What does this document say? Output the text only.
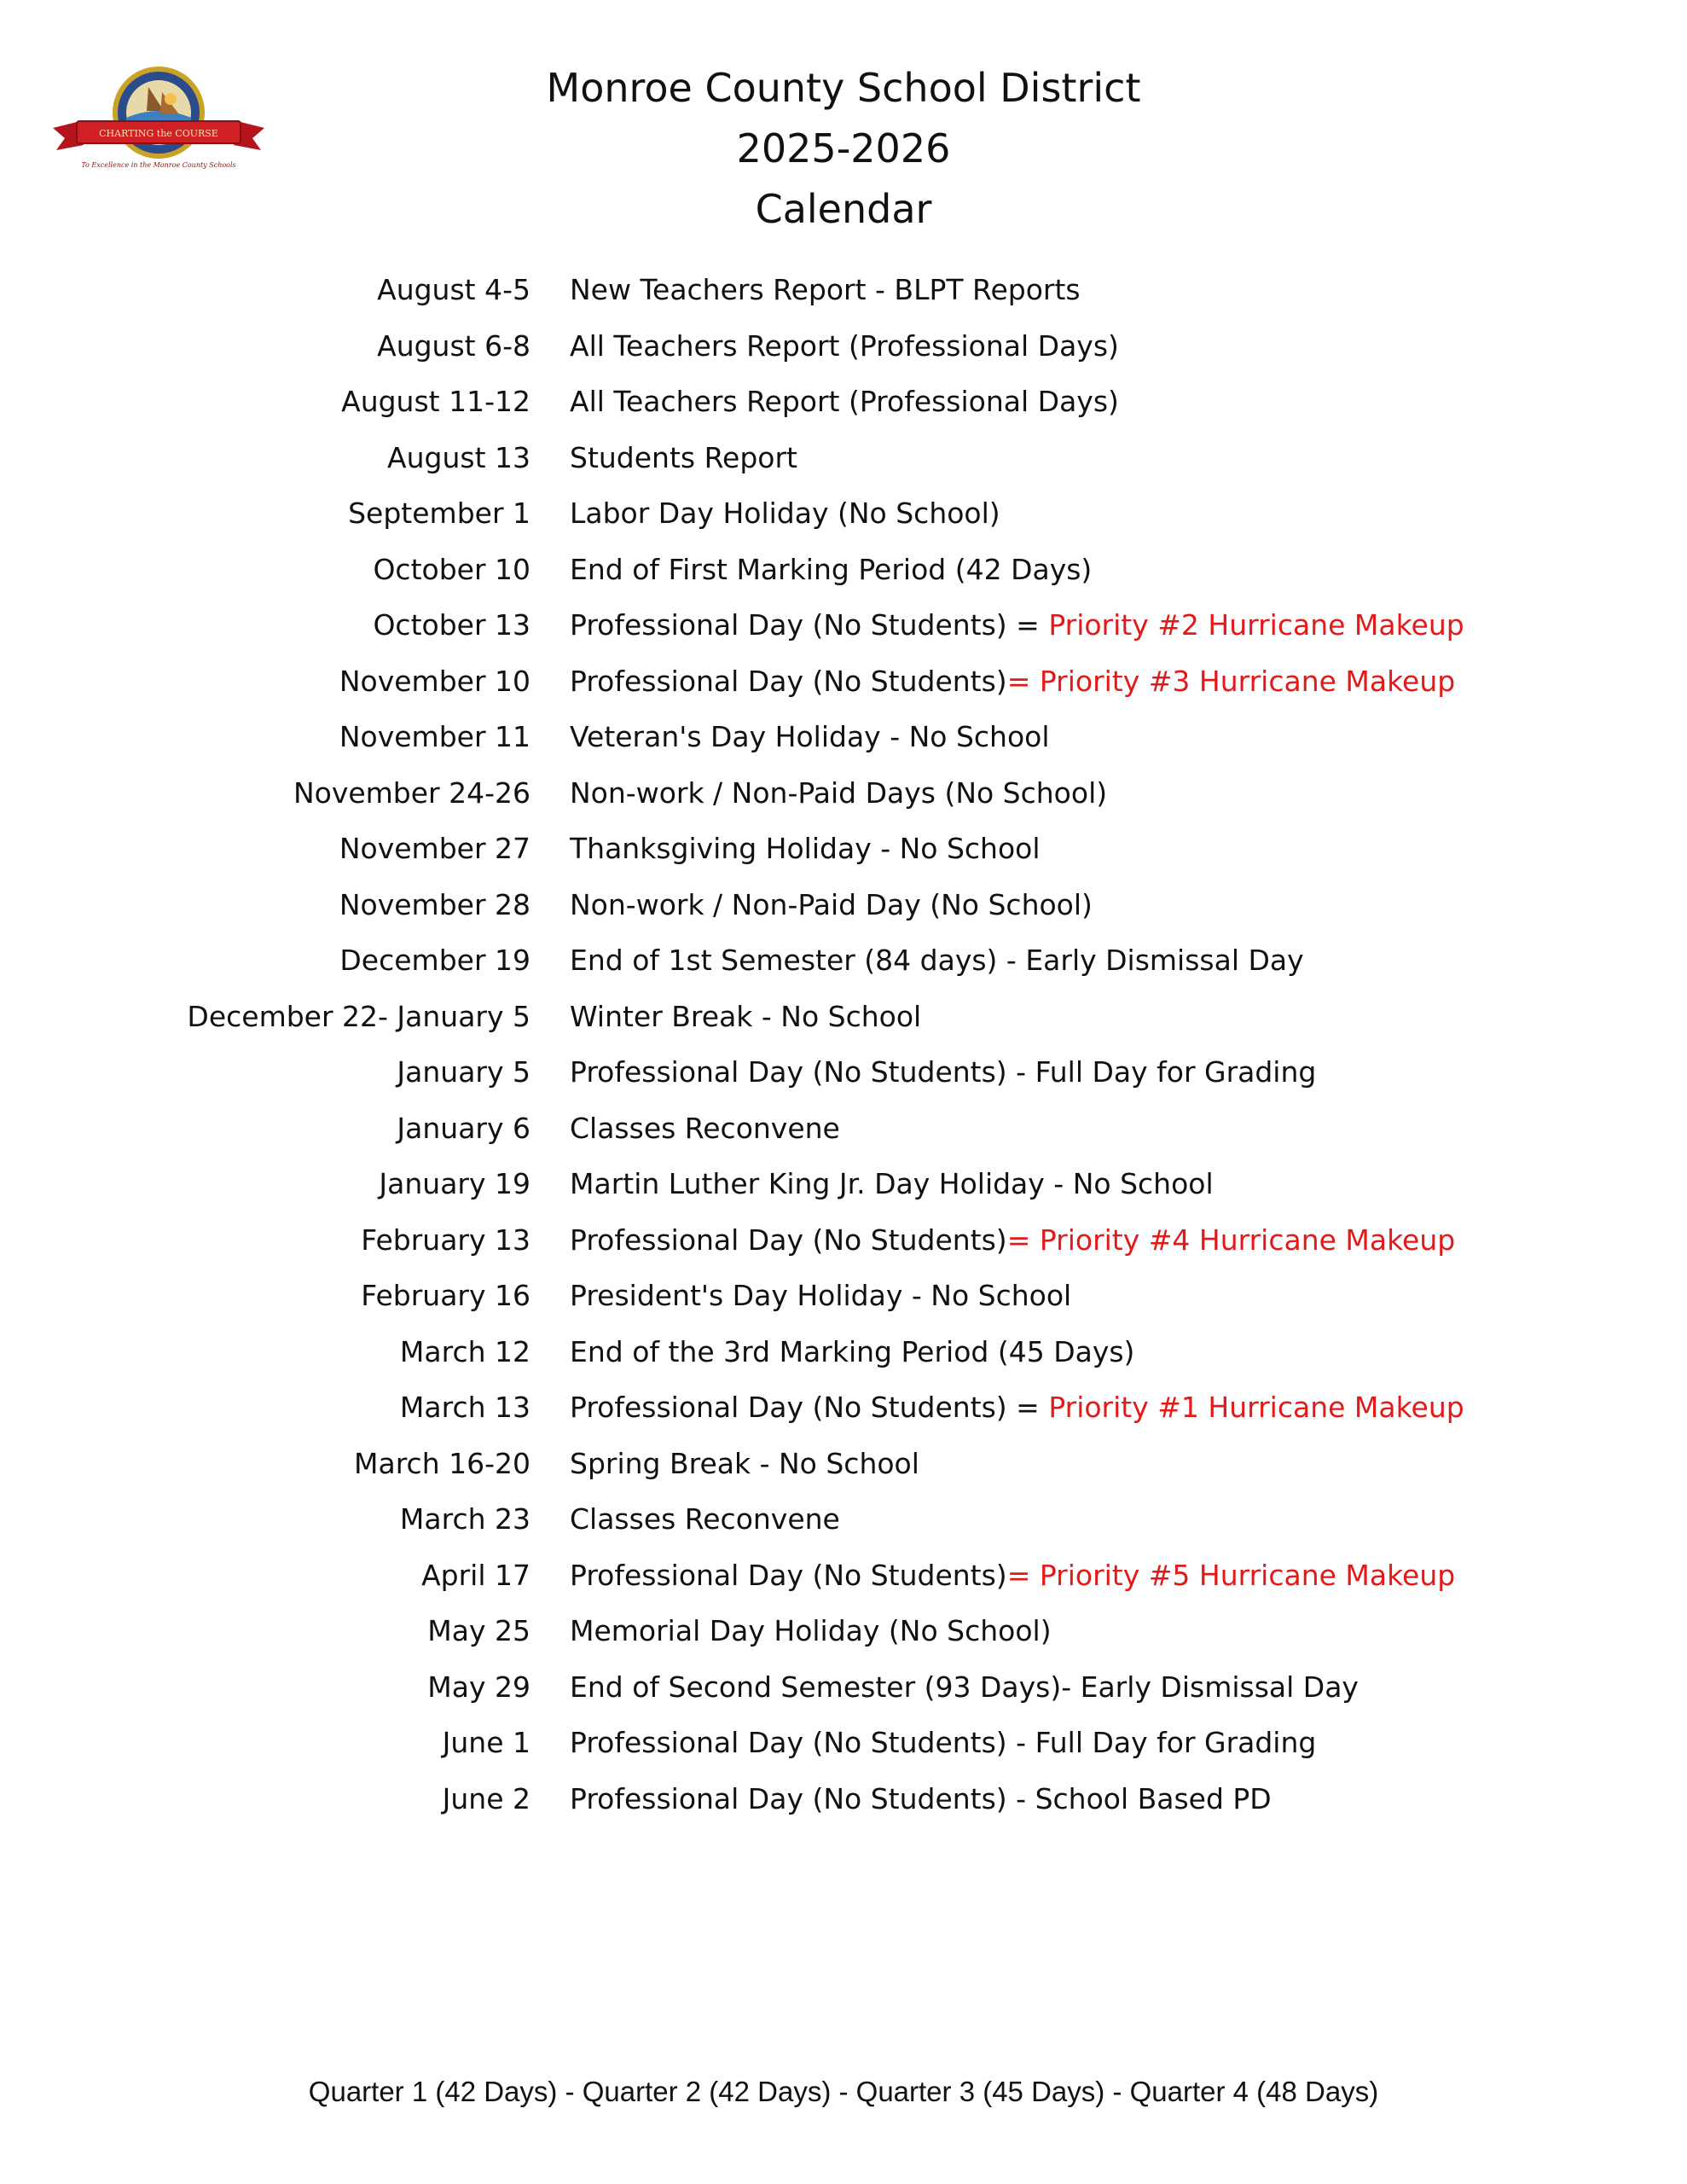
CHARTING the COURSE
To Excellence in the Monroe County Schools
Monroe County School District
2025-2026
Calendar
August 4-5 New Teachers Report - BLPT Reports
August 6-8 All Teachers Report (Professional Days)
August 11-12 All Teachers Report (Professional Days)
August 13 Students Report
September 1 Labor Day Holiday (No School)
October 10 End of First Marking Period (42 Days)
October 13 Professional Day (No Students) = Priority #2 Hurricane Makeup
November 10 Professional Day (No Students)= Priority #3 Hurricane Makeup
November 11 Veteran's Day Holiday - No School
November 24-26 Non-work / Non-Paid Days (No School)
November 27 Thanksgiving Holiday - No School
November 28 Non-work / Non-Paid Day (No School)
December 19 End of 1st Semester (84 days) - Early Dismissal Day
December 22- January 5 Winter Break - No School
January 5 Professional Day (No Students) - Full Day for Grading
January 6 Classes Reconvene
January 19 Martin Luther King Jr. Day Holiday - No School
February 13 Professional Day (No Students)= Priority #4 Hurricane Makeup
February 16 President's Day Holiday - No School
March 12 End of the 3rd Marking Period (45 Days)
March 13 Professional Day (No Students) = Priority #1 Hurricane Makeup
March 16-20 Spring Break - No School
March 23 Classes Reconvene
April 17 Professional Day (No Students)= Priority #5 Hurricane Makeup
May 25 Memorial Day Holiday (No School)
May 29 End of Second Semester (93 Days)- Early Dismissal Day
June 1 Professional Day (No Students) - Full Day for Grading
June 2 Professional Day (No Students) - School Based PD
Quarter 1 (42 Days) - Quarter 2 (42 Days) - Quarter 3 (45 Days) - Quarter 4 (48 Days)
